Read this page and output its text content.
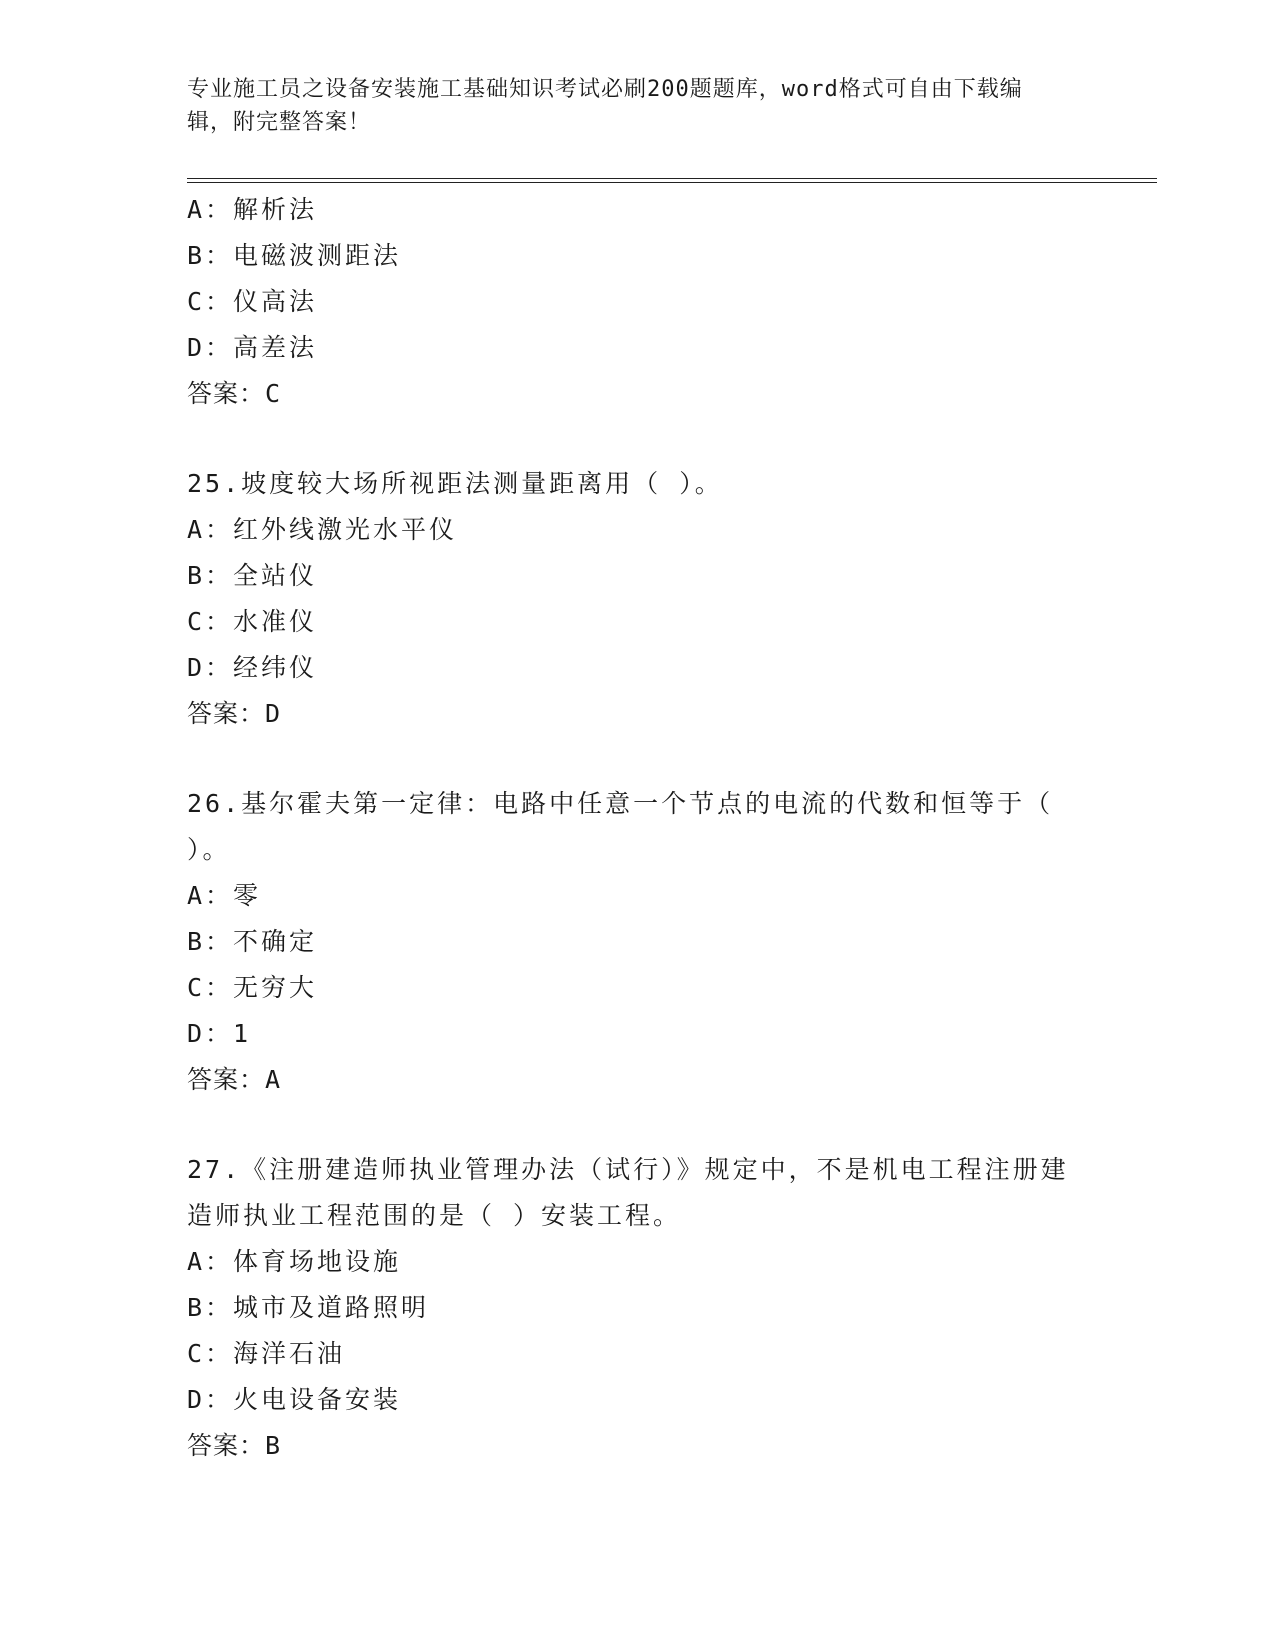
专业施工员之设备安装施工基础知识考试必刷200题题库，word格式可自由下载编辑，附完整答案！
A：解析法
B：电磁波测距法
C：仪高法
D：高差法
答案：C
25.坡度较大场所视距法测量距离用（ ）。
A：红外线激光水平仪
B：全站仪
C：水准仪
D：经纬仪
答案：D
26.基尔霍夫第一定律：电路中任意一个节点的电流的代数和恒等于（ ）。
A：零
B：不确定
C：无穷大
D：1
答案：A
27.《注册建造师执业管理办法（试行）》规定中，不是机电工程注册建造师执业工程范围的是（ ）安装工程。
A：体育场地设施
B：城市及道路照明
C：海洋石油
D：火电设备安装
答案：B
